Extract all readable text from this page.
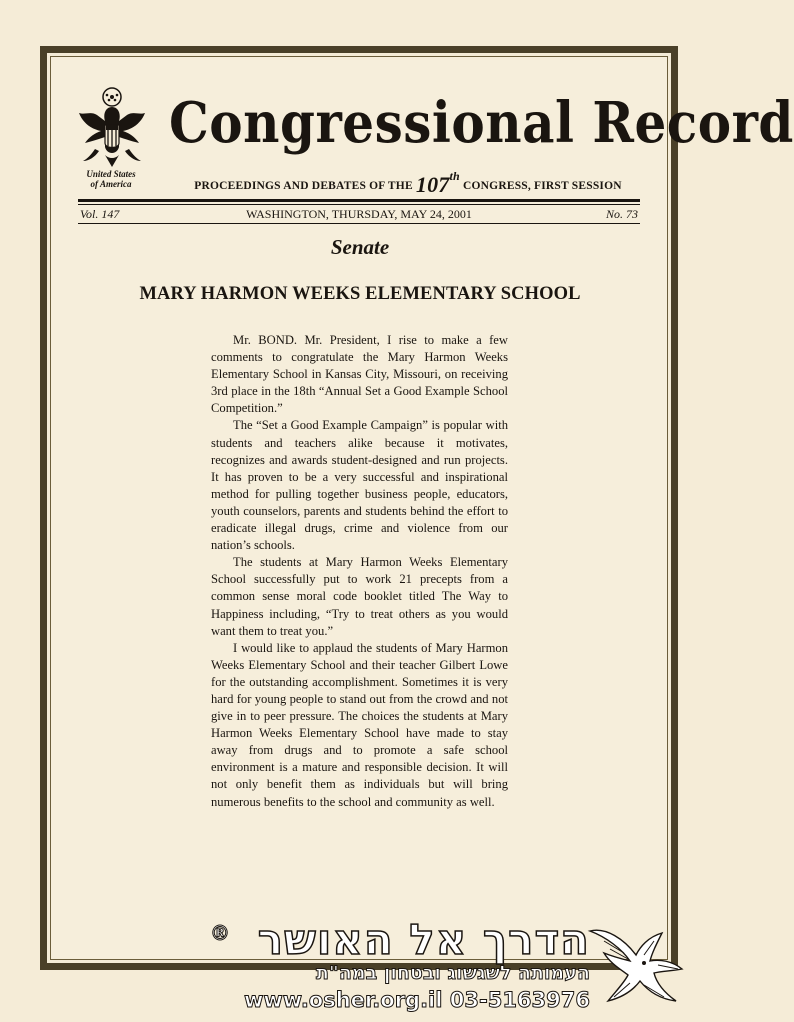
United States
of America
Congressional Record
PROCEEDINGS AND DEBATES OF THE 107th CONGRESS, FIRST SESSION
Vol. 147	WASHINGTON, THURSDAY, MAY 24, 2001	No. 73
Senate
MARY HARMON WEEKS ELEMENTARY SCHOOL

Mr. BOND. Mr. President, I rise to make a few comments to congratulate the Mary Harmon Weeks Elementary School in Kansas City, Missouri, on receiving 3rd place in the 18th “Annual Set a Good Example School Competition.”

The “Set a Good Example Campaign” is popular with students and teachers alike because it motivates, recognizes and awards student-designed and run projects. It has proven to be a very successful and inspirational method for pulling together business people, educators, youth counselors, parents and students behind the effort to eradicate illegal drugs, crime and violence from our nation’s schools.

The students at Mary Harmon Weeks Elementary School successfully put to work 21 precepts from a common sense moral code booklet titled The Way to Happiness including, “Try to treat others as you would want them to treat you.”

I would like to applaud the students of Mary Harmon Weeks Elementary School and their teacher Gilbert Lowe for the outstanding accomplishment. Sometimes it is very hard for young people to stand out from the crowd and not give in to peer pressure. The choices the students at Mary Harmon Weeks Elementary School have made to stay away from drugs and to promote a safe school environment is a mature and responsible decision. It will not only benefit them as individuals but will bring numerous benefits to the school and community as well.

® הדרך אל האושר
העמותה לשגשוג ובטחון במה"ת
www.osher.org.il 03-5163976
